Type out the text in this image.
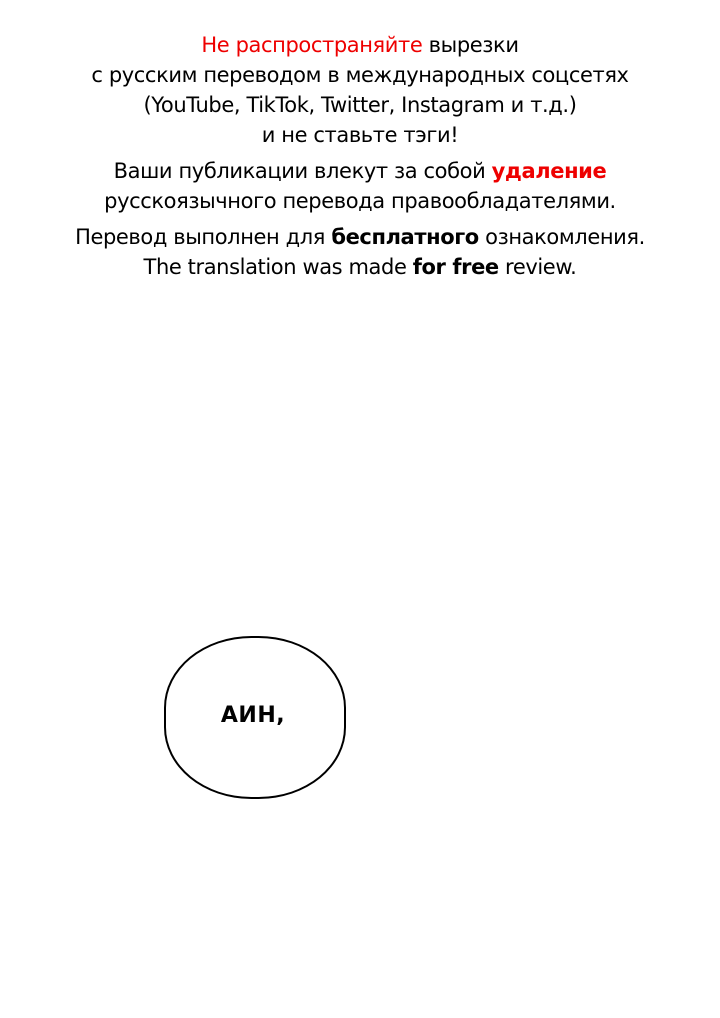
Не распространяйте вырезки
с русским переводом в международных соцсетях
(YouTube, TikTok, Twitter, Instagram и т.д.)
и не ставьте тэги!

Ваши публикации влекут за собой удаление
русскоязычного перевода правообладателями.

Перевод выполнен для бесплатного ознакомления.
The translation was made for free review.

АИН,
